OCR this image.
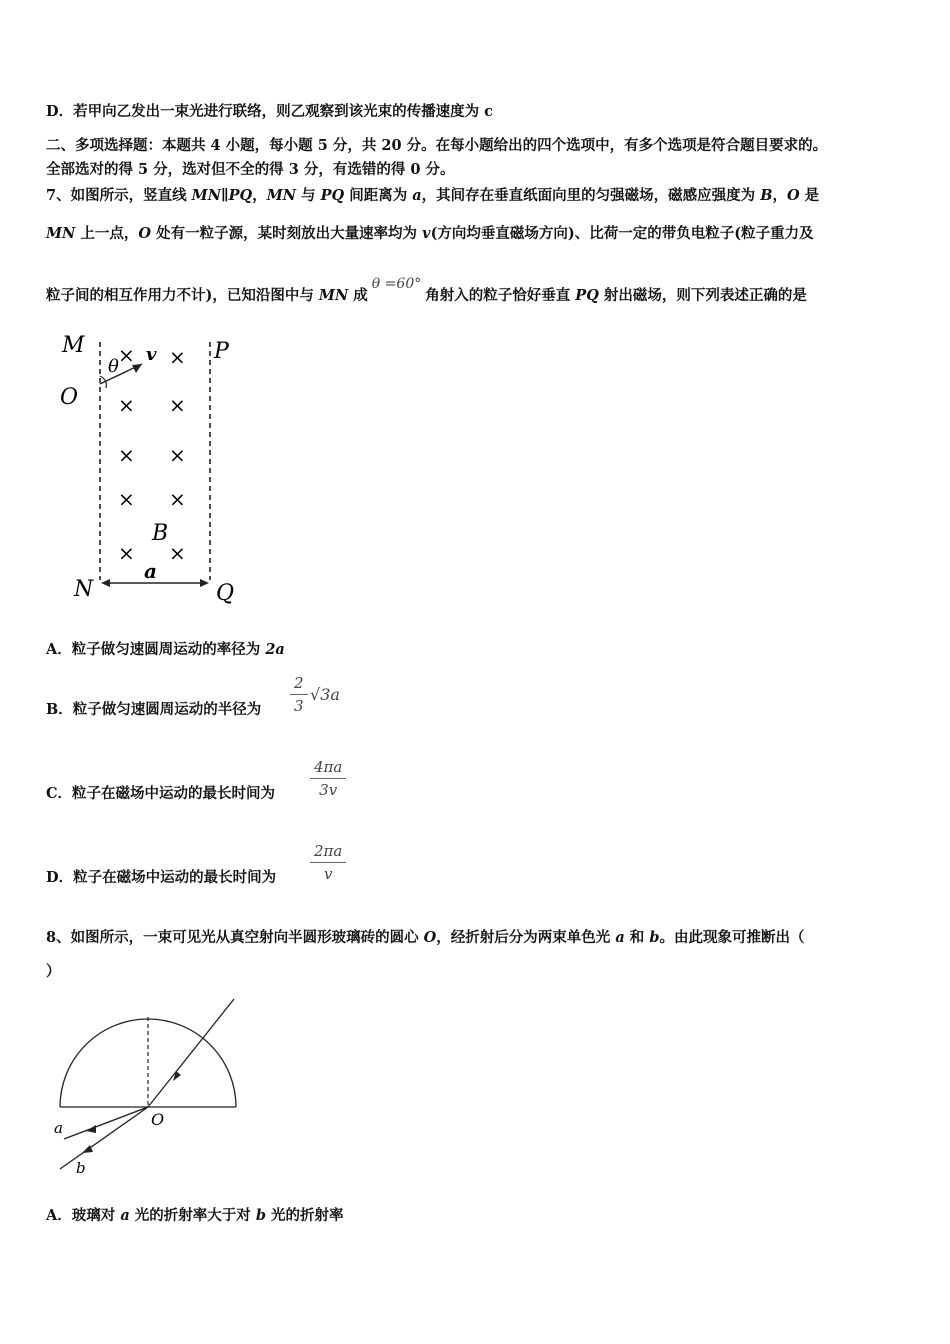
D．若甲向乙发出一束光进行联络，则乙观察到该光束的传播速度为 c
二、多项选择题：本题共 4 小题，每小题 5 分，共 20 分。在每小题给出的四个选项中，有多个选项是符合题目要求的。
全部选对的得 5 分，选对但不全的得 3 分，有选错的得 0 分。
7、如图所示，竖直线 MN∥PQ，MN 与 PQ 间距离为 a，其间存在垂直纸面向里的匀强磁场，磁感应强度为 B，O 是
MN 上一点，O 处有一粒子源，某时刻放出大量速率均为 v(方向均垂直磁场方向)、比荷一定的带负电粒子(粒子重力及
粒子间的相互作用力不计)，已知沿图中与 MN 成θ =60°角射入的粒子恰好垂直 PQ 射出磁场，则下列表述正确的是
M	P
O
N	Q
B
θ
v
× ×
× ×
× ×
× ×
× ×
a
A．粒子做匀速圆周运动的率径为 2a
B．粒子做匀速圆周运动的半径为
2
3
√3a
C．粒子在磁场中运动的最长时间为
4πa
3v
D．粒子在磁场中运动的最长时间为
2πa
v
8、如图所示，一束可见光从真空射向半圆形玻璃砖的圆心 O，经折射后分为两束单色光 a 和 b。由此现象可推断出（
）
O
a
b
A．玻璃对 a 光的折射率大于对 b 光的折射率
